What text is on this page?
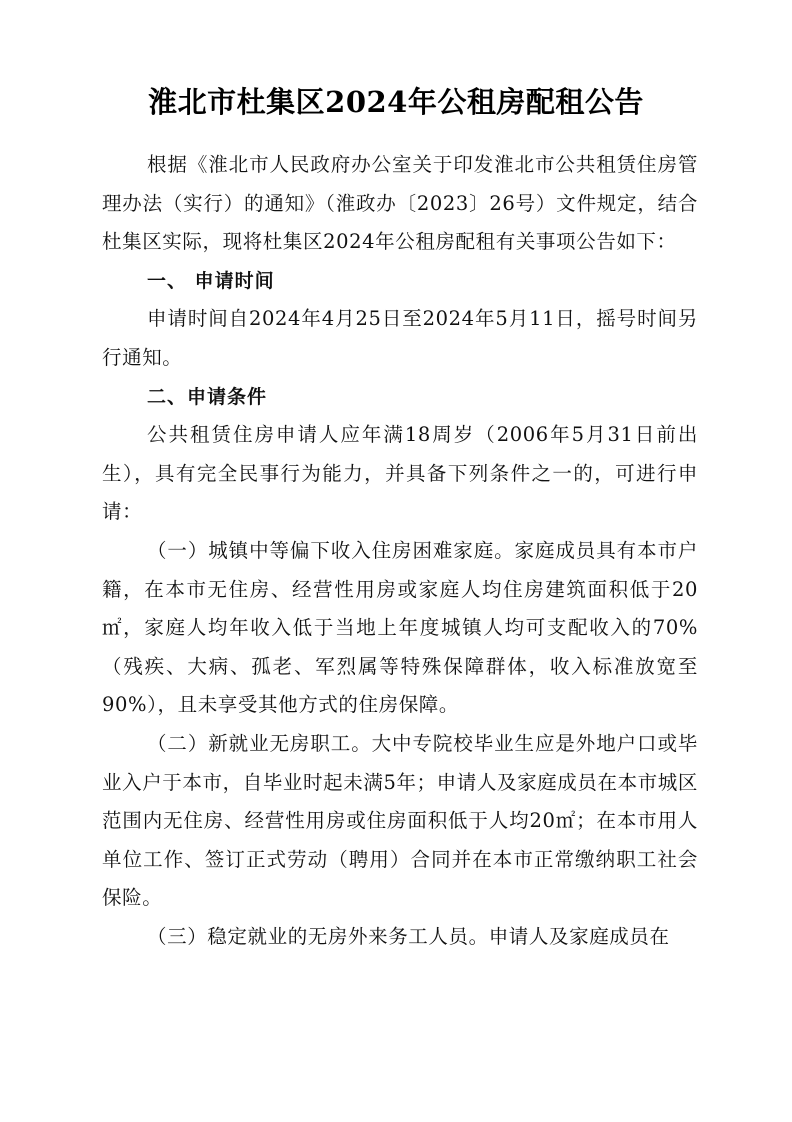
淮北市杜集区2024年公租房配租公告

根据《淮北市人民政府办公室关于印发淮北市公共租赁住房管理办法（实行）的通知》（淮政办〔2023〕26号）文件规定，结合杜集区实际，现将杜集区2024年公租房配租有关事项公告如下：

一、 申请时间

申请时间自2024年4月25日至2024年5月11日，摇号时间另行通知。

二、申请条件

公共租赁住房申请人应年满18周岁（2006年5月31日前出生），具有完全民事行为能力，并具备下列条件之一的，可进行申请：

（一）城镇中等偏下收入住房困难家庭。家庭成员具有本市户籍，在本市无住房、经营性用房或家庭人均住房建筑面积低于20㎡，家庭人均年收入低于当地上年度城镇人均可支配收入的70%（残疾、大病、孤老、军烈属等特殊保障群体，收入标准放宽至90%），且未享受其他方式的住房保障。

（二）新就业无房职工。大中专院校毕业生应是外地户口或毕业入户于本市，自毕业时起未满5年；申请人及家庭成员在本市城区范围内无住房、经营性用房或住房面积低于人均20㎡；在本市用人单位工作、签订正式劳动（聘用）合同并在本市正常缴纳职工社会保险。

（三）稳定就业的无房外来务工人员。申请人及家庭成员在
